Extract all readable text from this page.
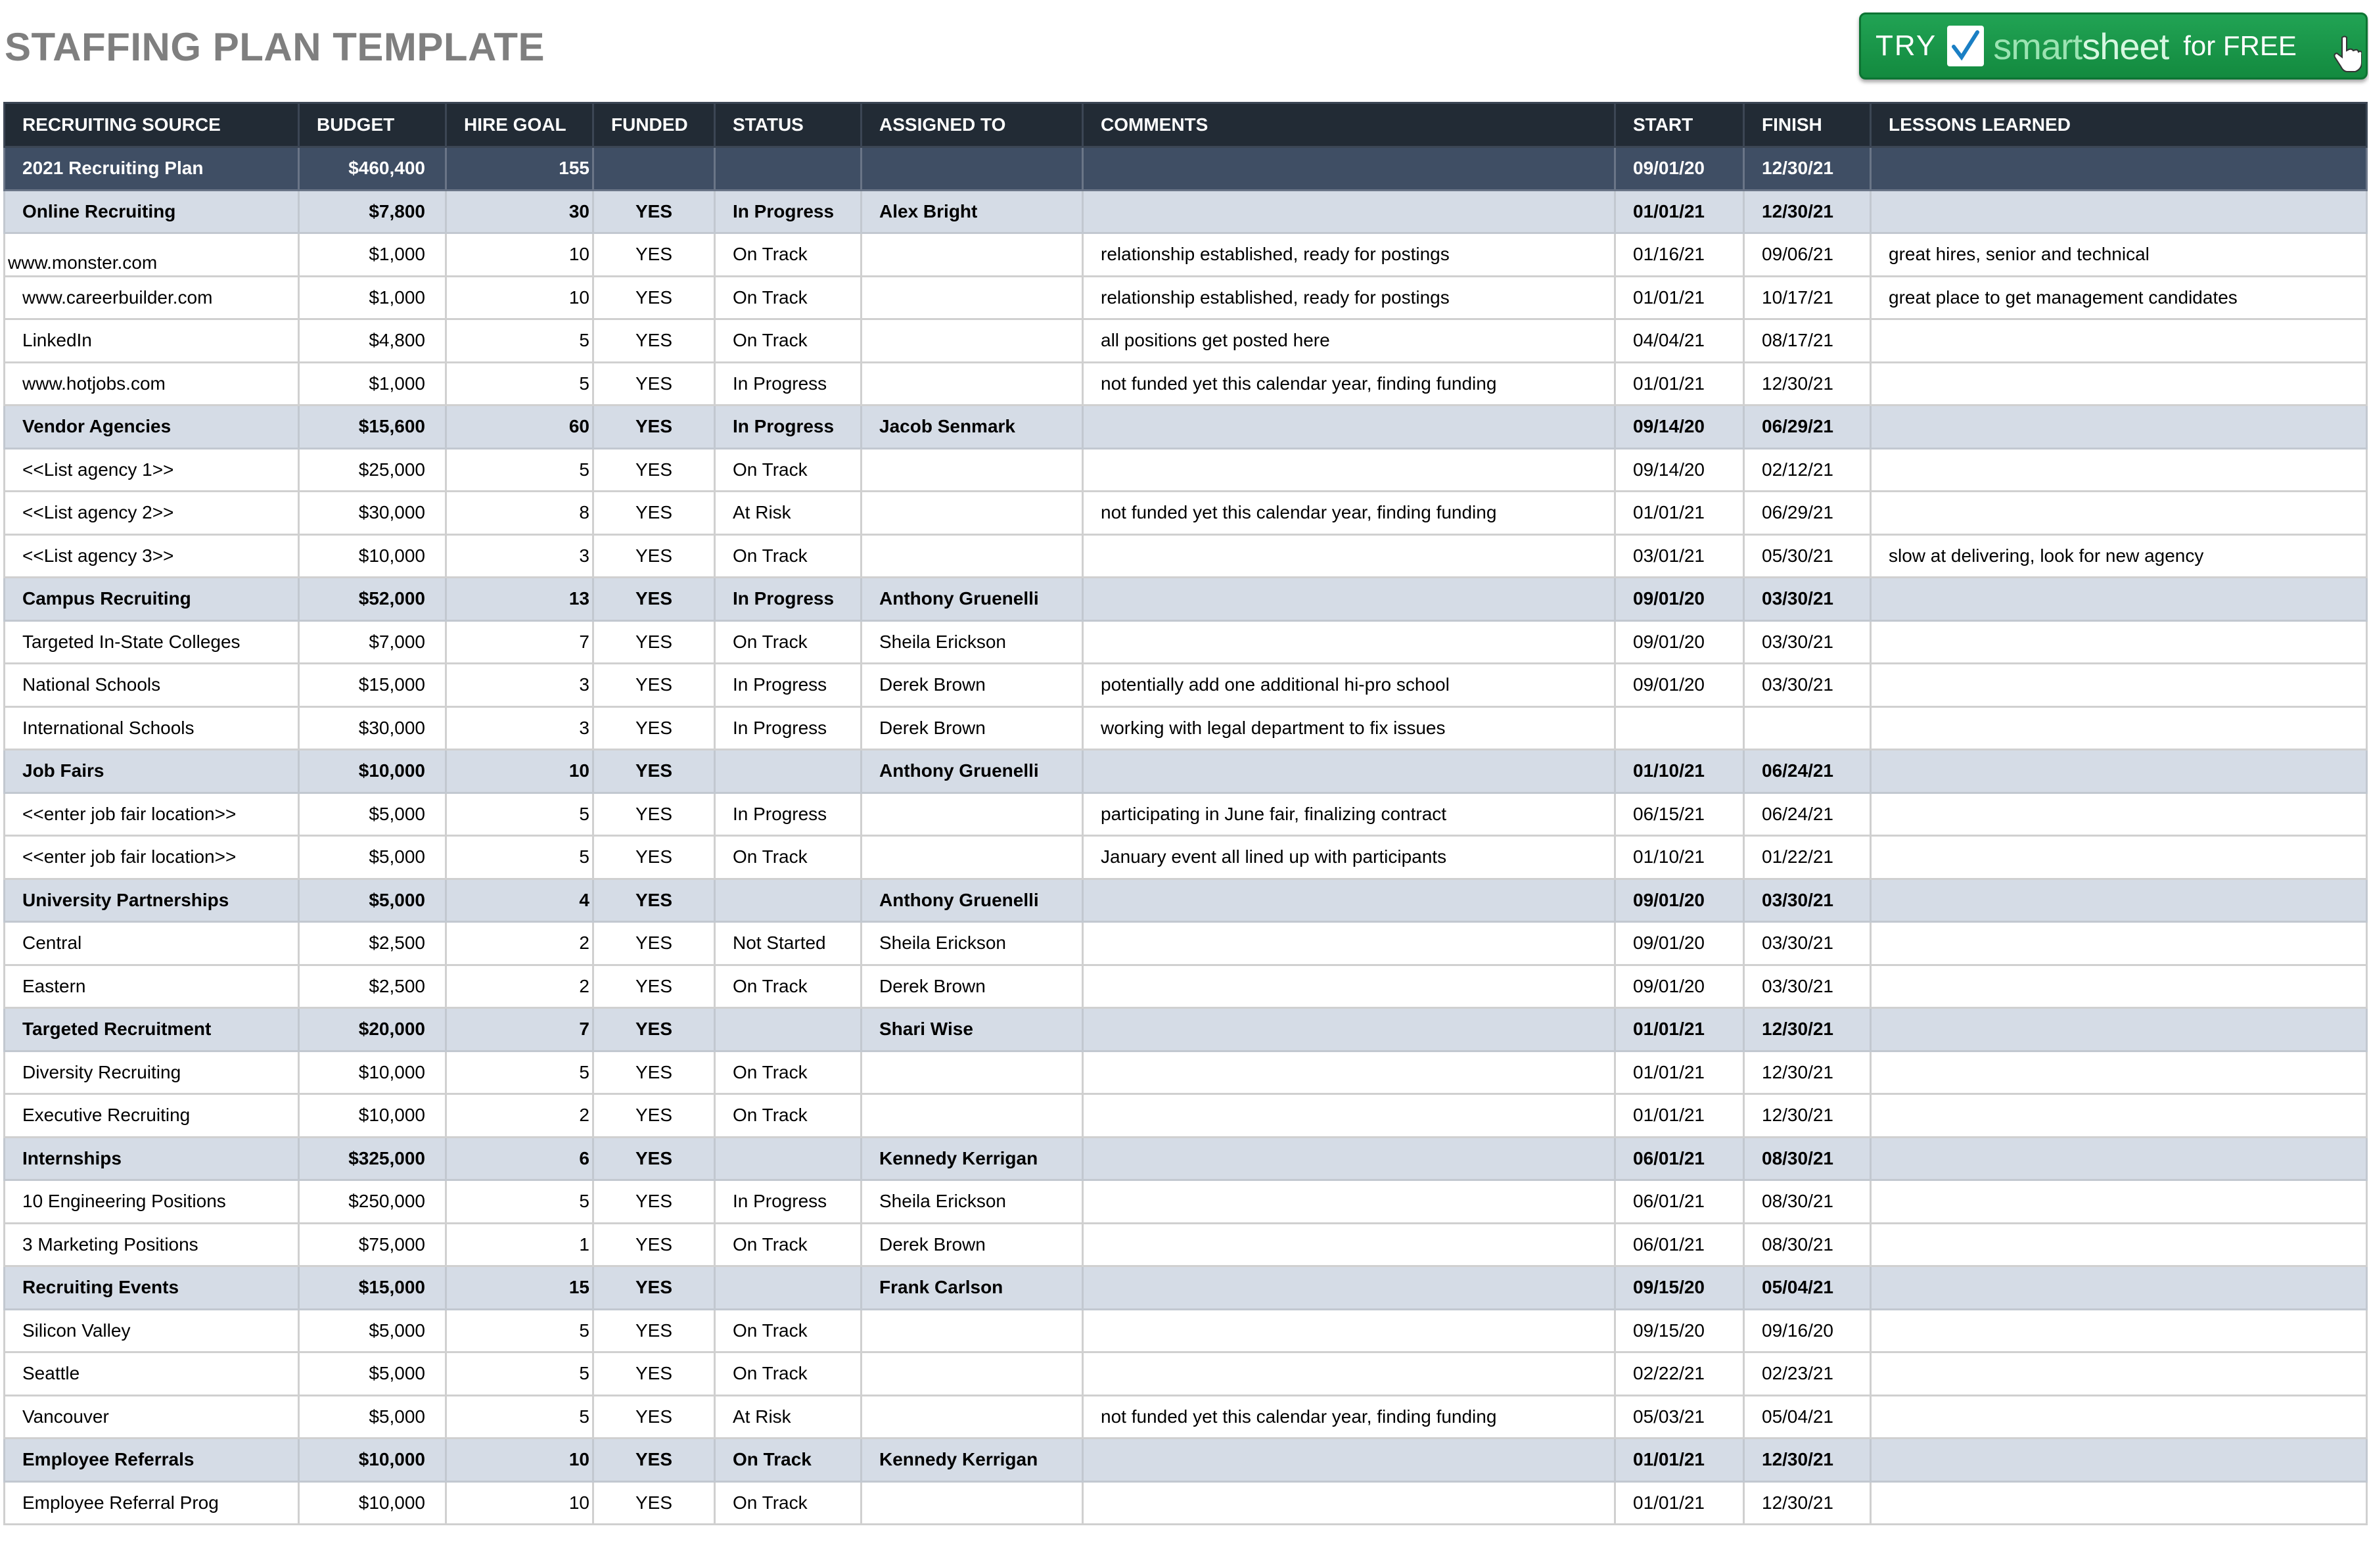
STAFFING PLAN TEMPLATE	TRY smartsheet for FREE
RECRUITING SOURCE	BUDGET	HIRE GOAL	FUNDED	STATUS	ASSIGNED TO	COMMENTS	START	FINISH	LESSONS LEARNED
2021 Recruiting Plan	$460,400	155					09/01/20	12/30/21	
Online Recruiting	$7,800	30	YES	In Progress	Alex Bright		01/01/21	12/30/21	
www.monster.com	$1,000	10	YES	On Track		relationship established, ready for postings	01/16/21	09/06/21	great hires, senior and technical
www.careerbuilder.com	$1,000	10	YES	On Track		relationship established, ready for postings	01/01/21	10/17/21	great place to get management candidates
LinkedIn	$4,800	5	YES	On Track		all positions get posted here	04/04/21	08/17/21	
www.hotjobs.com	$1,000	5	YES	In Progress		not funded yet this calendar year, finding funding	01/01/21	12/30/21	
Vendor Agencies	$15,600	60	YES	In Progress	Jacob Senmark		09/14/20	06/29/21	
<<List agency 1>>	$25,000	5	YES	On Track			09/14/20	02/12/21	
<<List agency 2>>	$30,000	8	YES	At Risk		not funded yet this calendar year, finding funding	01/01/21	06/29/21	
<<List agency 3>>	$10,000	3	YES	On Track			03/01/21	05/30/21	slow at delivering, look for new agency
Campus Recruiting	$52,000	13	YES	In Progress	Anthony Gruenelli		09/01/20	03/30/21	
Targeted In-State Colleges	$7,000	7	YES	On Track	Sheila Erickson		09/01/20	03/30/21	
National Schools	$15,000	3	YES	In Progress	Derek Brown	potentially add one additional hi-pro school	09/01/20	03/30/21	
International Schools	$30,000	3	YES	In Progress	Derek Brown	working with legal department to fix issues			
Job Fairs	$10,000	10	YES		Anthony Gruenelli		01/10/21	06/24/21	
<<enter job fair location>>	$5,000	5	YES	In Progress		participating in June fair, finalizing contract	06/15/21	06/24/21	
<<enter job fair location>>	$5,000	5	YES	On Track		January event all lined up with participants	01/10/21	01/22/21	
University Partnerships	$5,000	4	YES		Anthony Gruenelli		09/01/20	03/30/21	
Central	$2,500	2	YES	Not Started	Sheila Erickson		09/01/20	03/30/21	
Eastern	$2,500	2	YES	On Track	Derek Brown		09/01/20	03/30/21	
Targeted Recruitment	$20,000	7	YES		Shari Wise		01/01/21	12/30/21	
Diversity Recruiting	$10,000	5	YES	On Track			01/01/21	12/30/21	
Executive Recruiting	$10,000	2	YES	On Track			01/01/21	12/30/21	
Internships	$325,000	6	YES		Kennedy Kerrigan		06/01/21	08/30/21	
10 Engineering Positions	$250,000	5	YES	In Progress	Sheila Erickson		06/01/21	08/30/21	
3 Marketing Positions	$75,000	1	YES	On Track	Derek Brown		06/01/21	08/30/21	
Recruiting Events	$15,000	15	YES		Frank Carlson		09/15/20	05/04/21	
Silicon Valley	$5,000	5	YES	On Track			09/15/20	09/16/20	
Seattle	$5,000	5	YES	On Track			02/22/21	02/23/21	
Vancouver	$5,000	5	YES	At Risk		not funded yet this calendar year, finding funding	05/03/21	05/04/21	
Employee Referrals	$10,000	10	YES	On Track	Kennedy Kerrigan		01/01/21	12/30/21	
Employee Referral Prog	$10,000	10	YES	On Track			01/01/21	12/30/21	
